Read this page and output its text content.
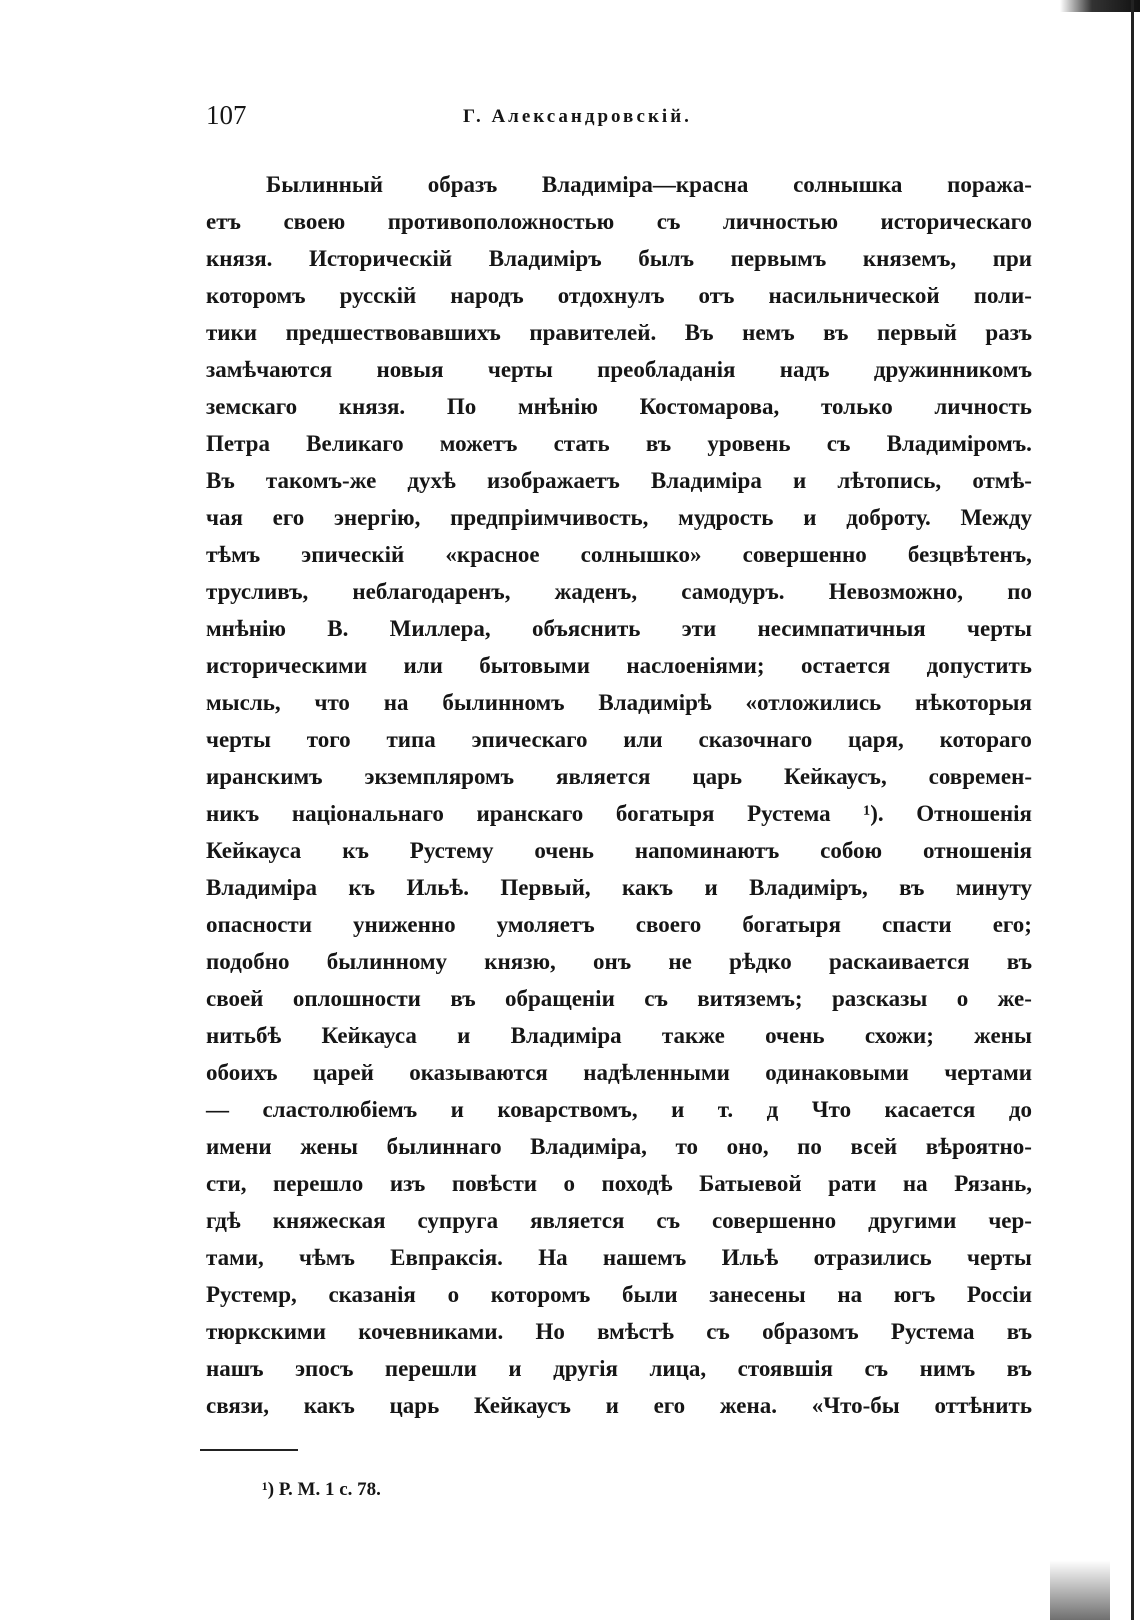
107	Г. Александровскій.
Былинный образъ Владиміра—красна солнышка поража-
етъ своею противоположностью съ личностью историческаго
князя. Историческій Владиміръ былъ первымъ княземъ, при
которомъ русскій народъ отдохнулъ отъ насильнической поли-
тики предшествовавшихъ правителей. Въ немъ въ первый разъ
замѣчаются новыя черты преобладанія надъ дружинникомъ
земскаго князя. По мнѣнію Костомарова, только личность
Петра Великаго можетъ стать въ уровень съ Владиміромъ.
Въ такомъ-же духѣ изображаетъ Владиміра и лѣтопись, отмѣ-
чая его энергію, предпріимчивость, мудрость и доброту. Между
тѣмъ эпическій «красное солнышко» совершенно безцвѣтенъ,
трусливъ, неблагодаренъ, жаденъ, самодуръ. Невозможно, по
мнѣнію В. Миллера, объяснить эти несимпатичныя черты
историческими или бытовыми наслоеніями; остается допустить
мысль, что на былинномъ Владимірѣ «отложились нѣкоторыя
черты того типа эпическаго или сказочнаго царя, котораго
иранскимъ экземпляромъ является царь Кейкаусъ, современ-
никъ національнаго иранскаго богатыря Рустема ¹). Отношенія
Кейкауса къ Рустему очень напоминаютъ собою отношенія
Владиміра къ Ильѣ. Первый, какъ и Владиміръ, въ минуту
опасности униженно умоляетъ своего богатыря спасти его;
подобно былинному князю, онъ не рѣдко раскаивается въ
своей оплошности въ обращеніи съ витяземъ; разсказы о же-
нитьбѣ Кейкауса и Владиміра также очень схожи; жены
обоихъ царей оказываются надѣленными одинаковыми чертами
— сластолюбіемъ и коварствомъ, и т. д Что касается до
имени жены былиннаго Владиміра, то оно, по всей вѣроятно-
сти, перешло изъ повѣсти о походѣ Батыевой рати на Рязань,
гдѣ княжеская супруга является съ совершенно другими чер-
тами, чѣмъ Евпраксія. На нашемъ Ильѣ отразились черты
Рустемр, сказанія о которомъ были занесены на югъ Россіи
тюркскими кочевниками. Но вмѣстѣ съ образомъ Рустема въ
нашъ эпосъ перешли и другія лица, стоявшія съ нимъ въ
связи, какъ царь Кейкаусъ и его жена. «Что-бы оттѣнить
¹) Р. М. 1 с. 78.
